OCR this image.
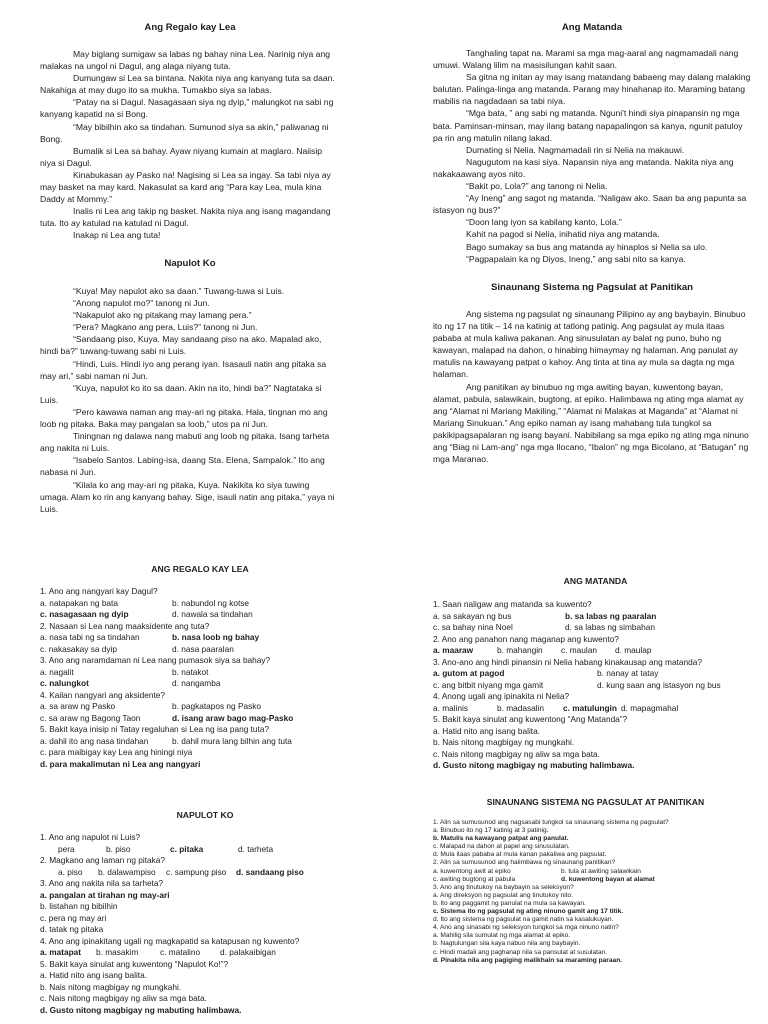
Ang Regalo kay Lea

May biglang sumigaw sa labas ng bahay nina Lea. Narinig niya ang malakas na ungol ni Dagul, ang alaga niyang tuta.

Dumungaw si Lea sa bintana. Nakita niya ang kanyang tuta sa daan. Nakahiga at may dugo ito sa mukha. Tumakbo siya sa labas.

“Patay na si Dagul. Nasagasaan siya ng dyip,” malungkot na sabi ng kanyang kapatid na si Bong.

“May bibilhin ako sa tindahan. Sumunod siya sa akin,” paliwanag ni Bong.

Bumalik si Lea sa bahay. Ayaw niyang kumain at maglaro. Naiisip niya si Dagul.

Kinabukasan ay Pasko na! Nagising si Lea sa ingay. Sa tabi niya ay may basket na may kard. Nakasulat sa kard ang “Para kay Lea, mula kina Daddy at Mommy.”

Inalis ni Lea ang takip ng basket. Nakita niya ang isang magandang tuta. Ito ay katulad na katulad ni Dagul.

Inakap ni Lea ang tuta!

Napulot Ko

“Kuya! May napulot ako sa daan.” Tuwang-tuwa si Luis.

“Anong napulot mo?” tanong ni Jun.

“Nakapulot ako ng pitakang may lamang pera.”

“Pera? Magkano ang pera, Luis?” tanong ni Jun.

“Sandaang piso, Kuya. May sandaang piso na ako. Mapalad ako, hindi ba?” tuwang-tuwang sabi ni Luis.

“Hindi, Luis. Hindi iyo ang perang iyan. Isasauli natin ang pitaka sa may ari,” sabi naman ni Jun.

“Kuya, napulot ko ito sa daan. Akin na ito, hindi ba?” Nagtataka si Luis.

“Pero kawawa naman ang may-ari ng pitaka. Hala, tingnan mo ang loob ng pitaka. Baka may pangalan sa loob,” utos pa ni Jun.

Tiningnan ng dalawa nang mabuti ang loob ng pitaka. Isang tarheta ang nakita ni Luis.

“Isabelo Santos. Labing-isa, daang Sta. Elena, Sampalok.” Ito ang nabasa ni Jun.

“Kilala ko ang may-ari ng pitaka, Kuya. Nakikita ko siya tuwing umaga. Alam ko rin ang kanyang bahay. Sige, isauli natin ang pitaka,” yaya ni Luis.

Ang Matanda

Tanghaling tapat na. Marami sa mga mag-aaral ang nagmamadali nang umuwi. Walang lilim na masisilungan kahit saan.

Sa gitna ng initan ay may isang matandang babaeng may dalang malaking balutan. Palinga-linga ang matanda. Parang may hinahanap ito. Maraming batang mabilis na nagdadaan sa tabi niya.

“Mga bata, ” ang sabi ng matanda. Nguni't hindi siya pinapansin ng mga bata. Paminsan-minsan, may ilang batang napapalingon sa kanya, ngunit patuloy pa rin ang matulin nilang lakad.

Dumating si Nelia. Nagmamadali rin si Nelia na makauwi.

Nagugutom na kasi siya. Napansin niya ang matanda. Nakita niya ang nakakaawang ayos nito.

“Bakit po, Lola?” ang tanong ni Nelia.

“Ay Ineng” ang sagot ng matanda. “Naligaw ako. Saan ba ang papunta sa istasyon ng bus?”

“Doon lang iyon sa kabilang kanto, Lola.”

Kahit na pagod si Nelia, inihatid niya ang matanda.

Bago sumakay sa bus ang matanda ay hinaplos si Nelia sa ulo.

“Pagpapalain ka ng Diyos, Ineng,” ang sabi nito sa kanya.

Sinaunang Sistema ng Pagsulat at Panitikan

Ang sistema ng pagsulat ng sinaunang Pilipino ay ang baybayin. Binubuo ito ng 17 na titik – 14 na katinig at tatlong patinig. Ang pagsulat ay mula itaas pababa at mula kaliwa pakanan. Ang sinusulatan ay balat ng puno, buho ng kawayan, malapad na dahon, o hinabing himaymay ng halaman. Ang panulat ay matulis na kawayang patpat o kahoy. Ang tinta at tina ay mula sa dagta ng mga halaman.

Ang panitikan ay binubuo ng mga awiting bayan, kuwentong bayan, alamat, pabula, salawikain, bugtong, at epiko. Halimbawa ng ating mga alamat ay ang “Alamat ni Mariang Makiling,” “Alamat ni Malakas at Maganda” at “Alamat ni Mariang Sinukuan.” Ang epiko naman ay isang mahabang tula tungkol sa pakikipagsapalaran ng isang bayani. Nabibilang sa mga epiko ng ating mga ninuno ang “Biag ni Lam-ang” nga mga Ilocano, “Ibalon” ng mga Bicolano, at “Batugan” ng mga Maranao.

ANG REGALO KAY LEA

1. Ano ang nangyari kay Dagul?
a. natapakan ng bata	b. nabundol ng kotse
c. nasagasaan ng dyip	d. nawala sa tindahan
2. Nasaan si Lea nang maaksidente ang tuta?
a. nasa tabi ng sa tindahan	b. nasa loob ng bahay
c. nakasakay sa dyip	d. nasa paaralan
3. Ano ang naramdaman ni Lea nang pumasok siya sa bahay?
a. nagalit	b. natakot
c. nalungkot	d. nangamba
4. Kailan nangyari ang aksidente?
a. sa araw ng Pasko	b. pagkatapos ng Pasko
c. sa araw ng Bagong Taon	d. isang araw bago mag-Pasko
5. Bakit kaya inisip ni Tatay regaluhan si Lea ng isa pang tuta?
a. dahil ito ang nasa tindahan	b. dahil mura lang bilhin ang tuta
c. para maibigay kay Lea ang hiningi niya
d. para makalimutan ni Lea ang nangyari

NAPULOT KO

1. Ano ang napulot ni Luis?
pera	b. piso	c. pitaka	d. tarheta
2. Magkano ang laman ng pitaka?
a. piso	b. dalawampiso	c. sampung piso	d. sandaang piso
3. Ano ang nakita nila sa tarheta?
a. pangalan at tirahan ng may-ari
b. listahan ng bibilhin
c. pera ng may ari
d. tatak ng pitaka
4. Ano ang ipinakitang ugali ng magkapatid sa katapusan ng kuwento?
a. matapat	b. masakim	c. matalino	d. palakaibigan
5. Bakit kaya sinulat ang kuwentong “Napulot Ko!”?
a. Hatid nito ang isang balita.
b. Nais nitong magbigay ng mungkahi.
c. Nais nitong magbigay ng aliw sa mga bata.
d. Gusto nitong magbigay ng mabuting halimbawa.

ANG MATANDA

1. Saan naligaw ang matanda sa kuwento?
a. sa sakayan ng bus	b. sa labas ng paaralan
c. sa bahay nina Noel	d. sa labas ng simbahan
2. Ano ang panahon nang maganap ang kuwento?
a. maaraw	b. mahangin	c. maulan	d. maulap
3. Ano-ano ang hindi pinansin ni Nelia habang kinakausap ang matanda?
a. gutom at pagod	b. nanay at tatay
c. ang bitbit niyang mga gamit	d. kung saan ang istasyon ng bus
4. Anong ugali ang ipinakita ni Nelia?
a. malinis	b. madasalin	c. matulungin d. mapagmahal
5. Bakit kaya sinulat ang kuwentong “Ang Matanda”?
a. Hatid nito ang isang balita.
b. Nais nitong magbigay ng mungkahi.
c. Nais nitong magbigay ng aliw sa mga bata.
d. Gusto nitong magbigay ng mabuting halimbawa.

SINAUNANG SISTEMA NG PAGSULAT AT PANITIKAN

1. Alin sa sumusunod ang nagsasabi tungkol sa sinaunang sistema ng pagsulat?
a. Binubuo ito ng 17 katinig at 3 patinig.
b. Matulis na kawayang patpat ang panulat.
c. Malapad na dahon at papel ang sinusulatan.
d. Mula itaas pababa at mula kanan pakaliwa ang pagsulat.
2. Alin sa sumusunod ang halimbawa ng sinaunang panitikan?
a. kuwentong awit at epiko	b. tula at awiting salawikain
c. awiting bugtong at pabula	d. kuwentong bayan at alamat
3. Ano ang tinutukoy na baybayin sa seleksyon?
a. Ang direksyon ng pagsulat ang tinutukoy nito.
b. Ito ang paggamit ng panulat na mula sa kawayan.
c. Sistema ito ng pagsulat ng ating ninuno gamit ang 17 titik.
d. Ito ang sistema ng pagsulat na gamit natin sa kasalukuyan.
4. Ano ang sinasabi ng seleksyon tungkol sa mga ninuno natin?
a. Mahilig sila sumulat ng mga alamat at epiko.
b. Nagtulungan sila kaya nabuo nila ang baybayin.
c. Hindi madali ang paghanap nila sa pansulat at susulatan.
d. Pinakita nila ang pagiging malikhain sa maraming paraan.
